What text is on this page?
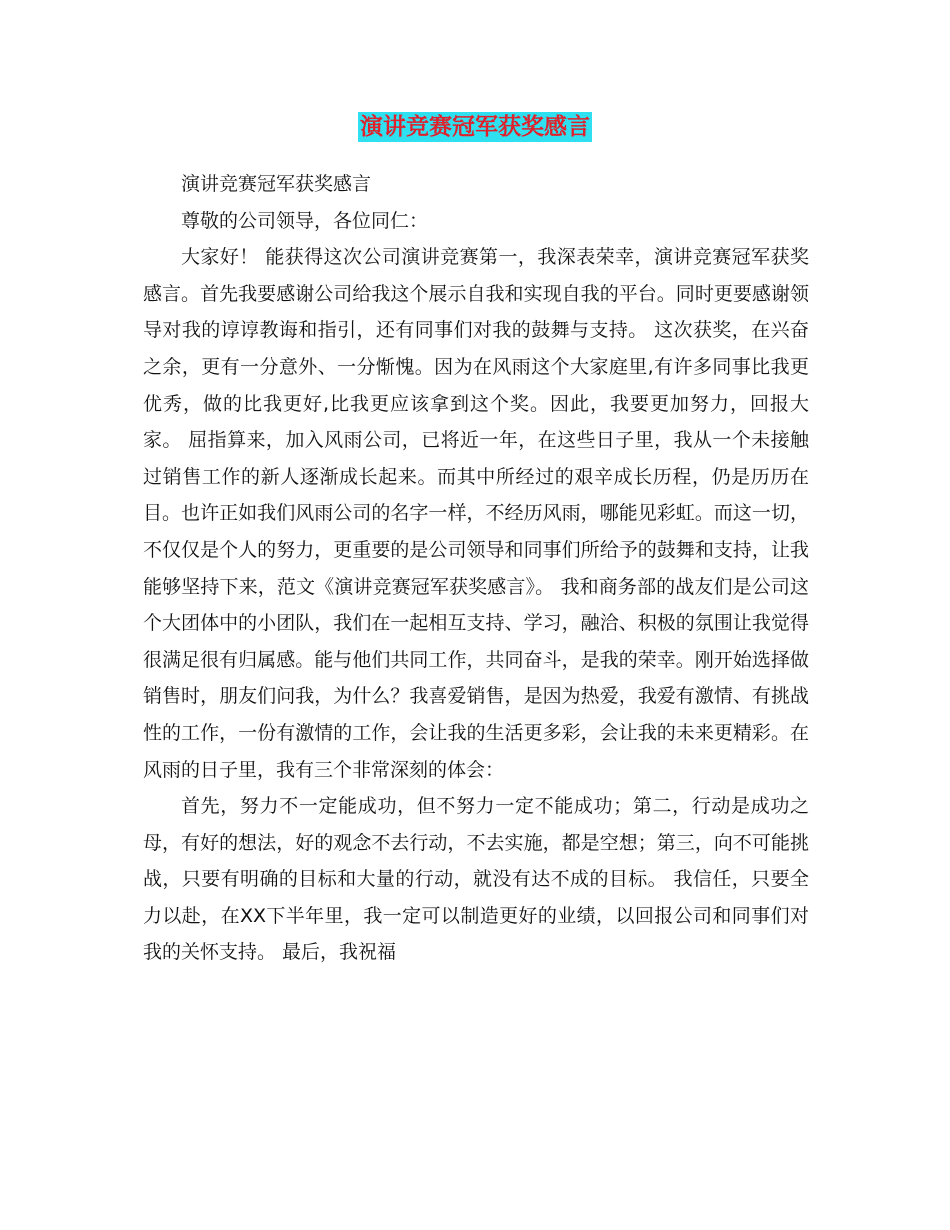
演讲竞赛冠军获奖感言

演讲竞赛冠军获奖感言

尊敬的公司领导，各位同仁：

大家好！ 能获得这次公司演讲竞赛第一，我深表荣幸，演讲竞赛冠军获奖感言。首先我要感谢公司给我这个展示自我和实现自我的平台。同时更要感谢领导对我的谆谆教诲和指引，还有同事们对我的鼓舞与支持。 这次获奖，在兴奋之余，更有一分意外、一分惭愧。因为在风雨这个大家庭里,有许多同事比我更优秀，做的比我更好,比我更应该拿到这个奖。因此，我要更加努力，回报大家。 屈指算来，加入风雨公司，已将近一年，在这些日子里，我从一个未接触过销售工作的新人逐渐成长起来。而其中所经过的艰辛成长历程，仍是历历在目。也许正如我们风雨公司的名字一样，不经历风雨，哪能见彩虹。而这一切，不仅仅是个人的努力，更重要的是公司领导和同事们所给予的鼓舞和支持，让我能够坚持下来，范文《演讲竞赛冠军获奖感言》。 我和商务部的战友们是公司这个大团体中的小团队，我们在一起相互支持、学习，融洽、积极的氛围让我觉得很满足很有归属感。能与他们共同工作，共同奋斗，是我的荣幸。刚开始选择做销售时，朋友们问我，为什么？我喜爱销售，是因为热爱，我爱有激情、有挑战性的工作，一份有激情的工作，会让我的生活更多彩，会让我的未来更精彩。在风雨的日子里，我有三个非常深刻的体会：

首先，努力不一定能成功，但不努力一定不能成功；第二，行动是成功之母，有好的想法，好的观念不去行动，不去实施，都是空想；第三，向不可能挑战，只要有明确的目标和大量的行动，就没有达不成的目标。 我信任，只要全力以赴，在XX下半年里，我一定可以制造更好的业绩，以回报公司和同事们对我的关怀支持。 最后，我祝福
